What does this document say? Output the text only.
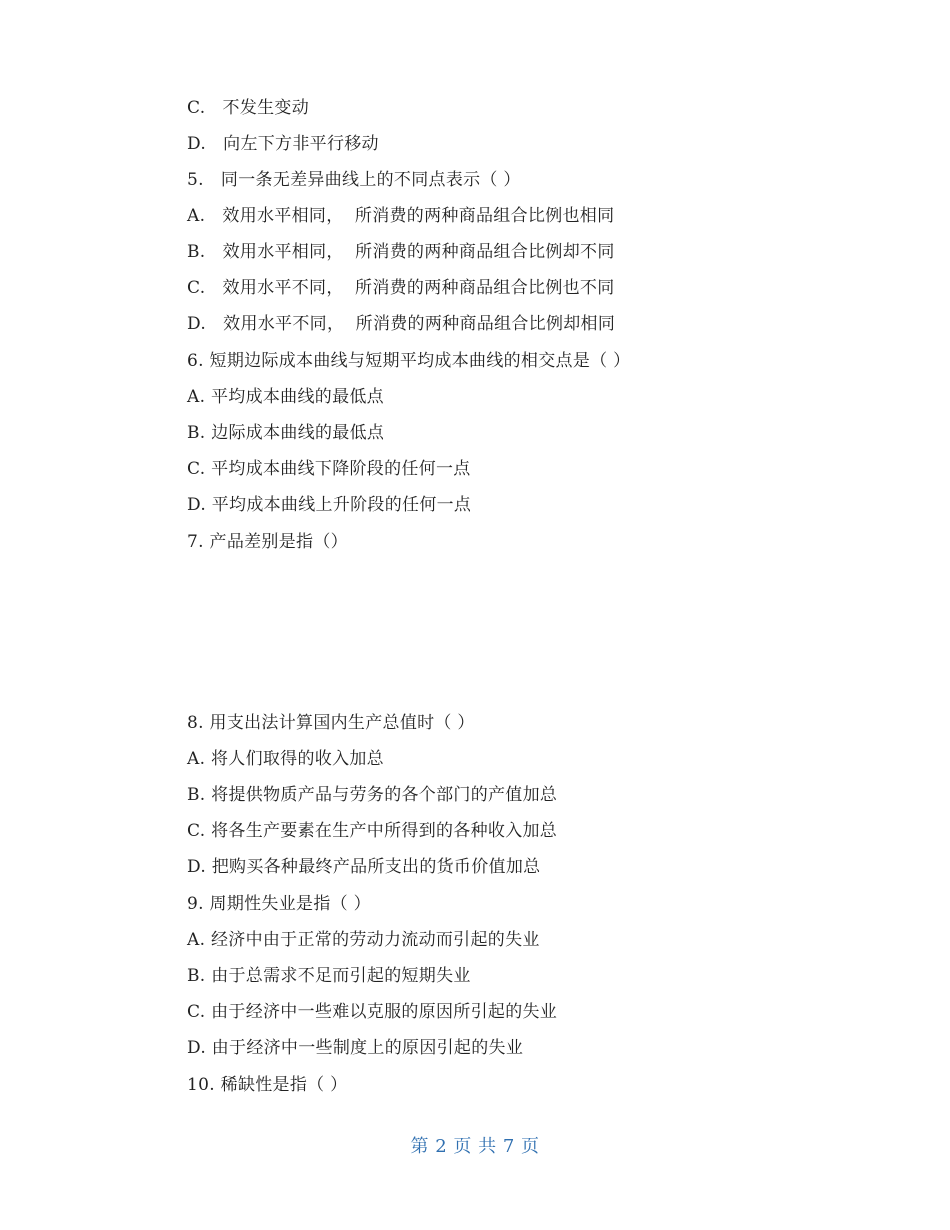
C.   不发生变动
D.   向左下方非平行移动
5.   同一条无差异曲线上的不同点表示（ ）
A.   效用水平相同，  所消费的两种商品组合比例也相同
B.   效用水平相同，  所消费的两种商品组合比例却不同
C.   效用水平不同，  所消费的两种商品组合比例也不同
D.   效用水平不同，  所消费的两种商品组合比例却相同
6. 短期边际成本曲线与短期平均成本曲线的相交点是（ ）
A. 平均成本曲线的最低点
B. 边际成本曲线的最低点
C. 平均成本曲线下降阶段的任何一点
D. 平均成本曲线上升阶段的任何一点
7. 产品差别是指（）
8. 用支出法计算国内生产总值时（ ）
A. 将人们取得的收入加总
B. 将提供物质产品与劳务的各个部门的产值加总
C. 将各生产要素在生产中所得到的各种收入加总
D. 把购买各种最终产品所支出的货币价值加总
9. 周期性失业是指（ ）
A. 经济中由于正常的劳动力流动而引起的失业
B. 由于总需求不足而引起的短期失业
C. 由于经济中一些难以克服的原因所引起的失业
D. 由于经济中一些制度上的原因引起的失业
10. 稀缺性是指（ ）
第 2 页 共 7 页
